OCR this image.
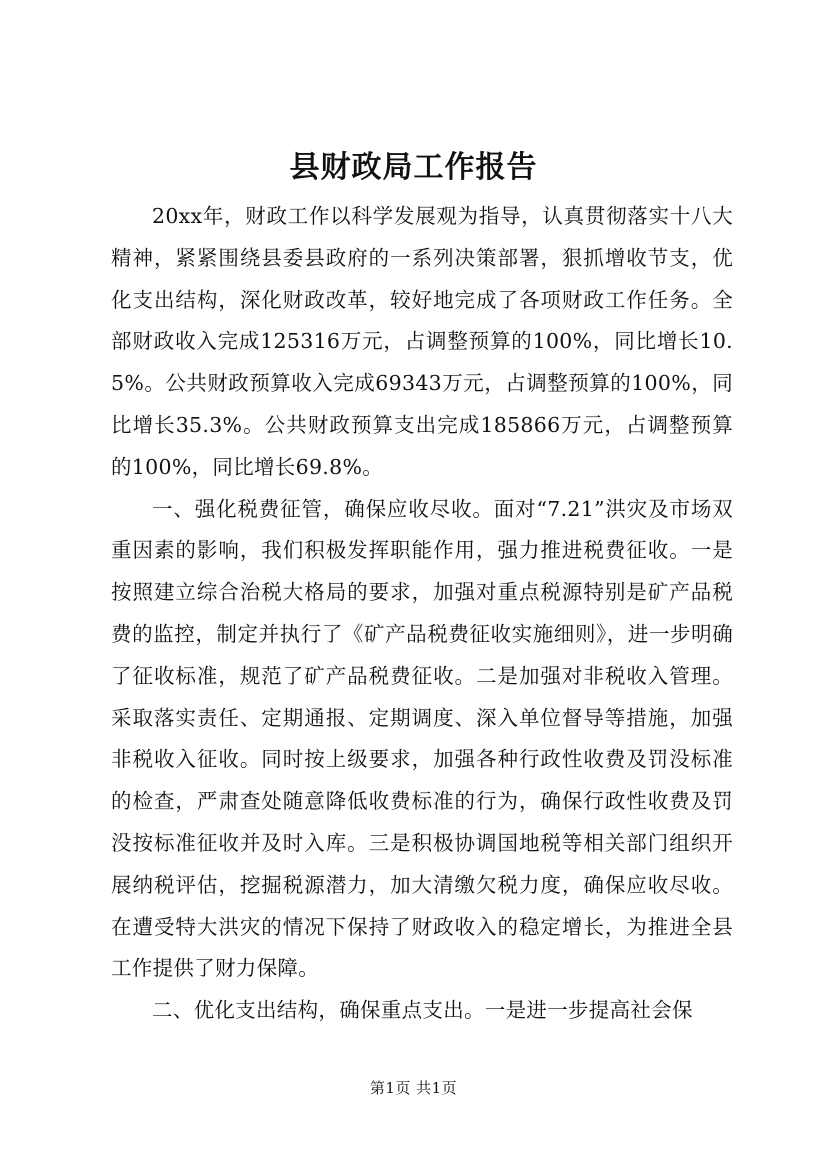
县财政局工作报告

20xx年，财政工作以科学发展观为指导，认真贯彻落实十八大精神，紧紧围绕县委县政府的一系列决策部署，狠抓增收节支，优化支出结构，深化财政改革，较好地完成了各项财政工作任务。全部财政收入完成125316万元，占调整预算的100%，同比增长10.5%。公共财政预算收入完成69343万元，占调整预算的100%，同比增长35.3%。公共财政预算支出完成185866万元，占调整预算的100%，同比增长69.8%。

一、强化税费征管，确保应收尽收。面对“7.21”洪灾及市场双重因素的影响，我们积极发挥职能作用，强力推进税费征收。一是按照建立综合治税大格局的要求，加强对重点税源特别是矿产品税费的监控，制定并执行了《矿产品税费征收实施细则》，进一步明确了征收标准，规范了矿产品税费征收。二是加强对非税收入管理。采取落实责任、定期通报、定期调度、深入单位督导等措施，加强非税收入征收。同时按上级要求，加强各种行政性收费及罚没标准的检查，严肃查处随意降低收费标准的行为，确保行政性收费及罚没按标准征收并及时入库。三是积极协调国地税等相关部门组织开展纳税评估，挖掘税源潜力，加大清缴欠税力度，确保应收尽收。在遭受特大洪灾的情况下保持了财政收入的稳定增长，为推进全县工作提供了财力保障。

二、优化支出结构，确保重点支出。一是进一步提高社会保

第1页 共1页
